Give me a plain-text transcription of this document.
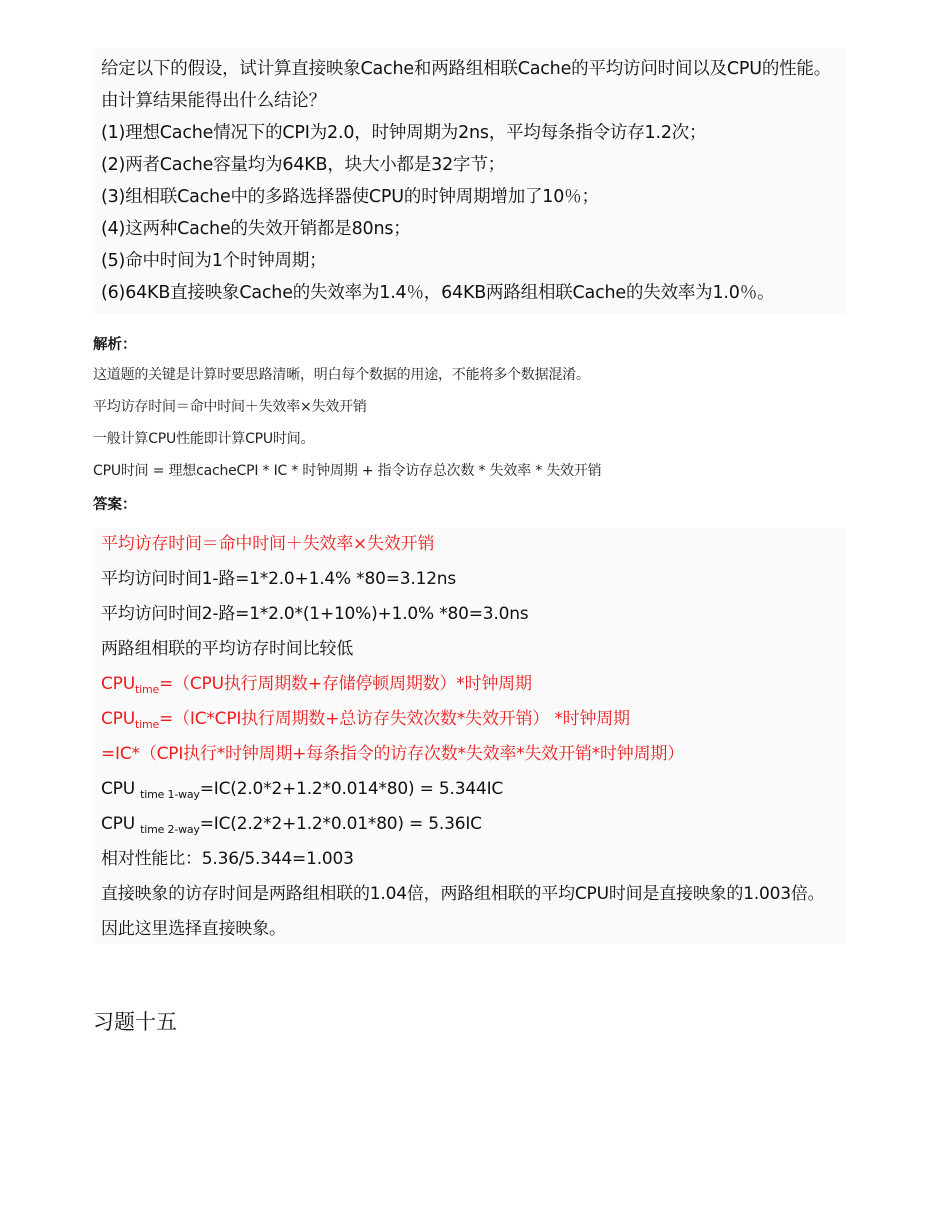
给定以下的假设，试计算直接映象Cache和两路组相联Cache的平均访问时间以及CPU的性能。
由计算结果能得出什么结论？
(1)理想Cache情况下的CPI为2.0，时钟周期为2ns，平均每条指令访存1.2次；
(2)两者Cache容量均为64KB，块大小都是32字节；
(3)组相联Cache中的多路选择器使CPU的时钟周期增加了10％；
(4)这两种Cache的失效开销都是80ns；
(5)命中时间为1个时钟周期；
(6)64KB直接映象Cache的失效率为1.4％，64KB两路组相联Cache的失效率为1.0％。
解析：
这道题的关键是计算时要思路清晰，明白每个数据的用途，不能将多个数据混淆。
平均访存时间＝命中时间＋失效率×失效开销
一般计算CPU性能即计算CPU时间。
CPU时间 = 理想cacheCPI * IC * 时钟周期 + 指令访存总次数 * 失效率 * 失效开销
答案：
平均访存时间＝命中时间＋失效率×失效开销
平均访问时间1-路=1*2.0+1.4% *80=3.12ns
平均访问时间2-路=1*2.0*(1+10%)+1.0% *80=3.0ns
两路组相联的平均访存时间比较低
$CPU_{time}=(CPU$执行周期数+存储停顿周期数）*时钟周期
$CPU_{time}=(IC*CPI$执行周期数+总访存失效次数*失效开销） *时钟周期
=IC*（CPI执行*时钟周期+每条指令的访存次数*失效率*失效开销*时钟周期）
CPU $_{time 1-way}$=IC(2.0*2+1.2*0.014*80) = 5.344IC
CPU $_{time 2-way}$=IC(2.2*2+1.2*0.01*80) = 5.36IC
相对性能比：5.36/5.344=1.003
直接映象的访存时间是两路组相联的1.04倍，两路组相联的平均CPU时间是直接映象的1.003倍。
因此这里选择直接映象。
习题十五
